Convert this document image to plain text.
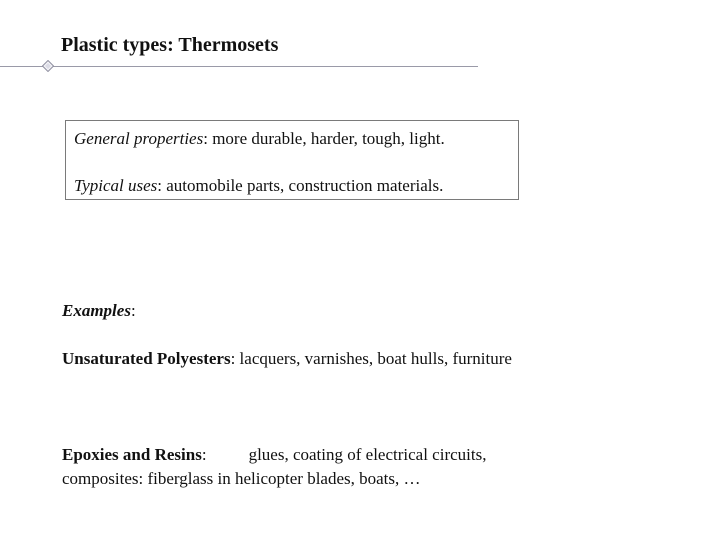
Plastic types: Thermosets
General properties: more durable, harder, tough, light.
Typical uses: automobile parts, construction materials.
Examples:
Unsaturated Polyesters: lacquers, varnishes, boat hulls, furniture
Epoxies and Resins: glues, coating of electrical circuits,
composites: fiberglass in helicopter blades, boats, …
